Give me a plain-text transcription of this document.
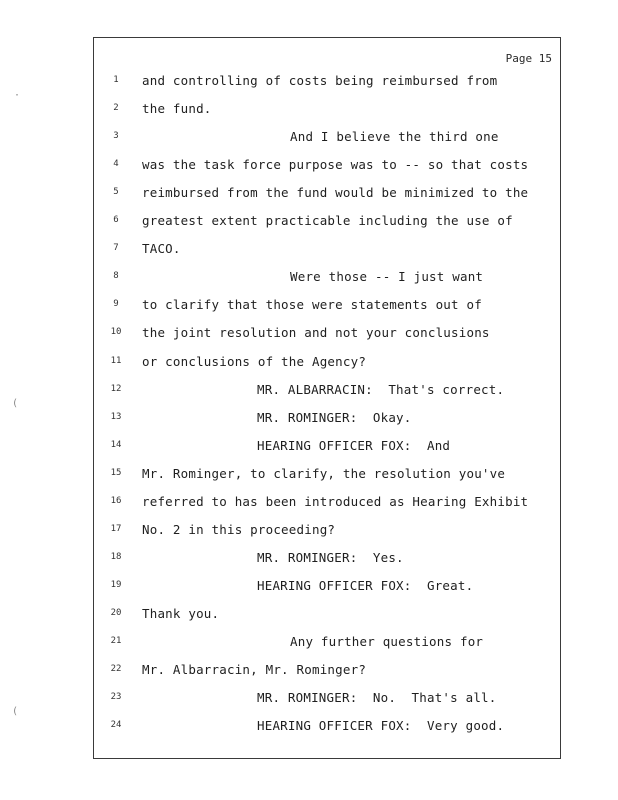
Page 15
1	and controlling of costs being reimbursed from
2	the fund.
3	And I believe the third one
4	was the task force purpose was to -- so that costs
5	reimbursed from the fund would be minimized to the
6	greatest extent practicable including the use of
7	TACO.
8	Were those -- I just want
9	to clarify that those were statements out of
10 the joint resolution and not your conclusions
11 or conclusions of the Agency?
12	MR. ALBARRACIN:  That's correct.
13	MR. ROMINGER:  Okay.
14	HEARING OFFICER FOX:  And
15 Mr. Rominger, to clarify, the resolution you've
16 referred to has been introduced as Hearing Exhibit
17 No. 2 in this proceeding?
18	MR. ROMINGER:  Yes.
19	HEARING OFFICER FOX:  Great.
20 Thank you.
21	Any further questions for
22 Mr. Albarracin, Mr. Rominger?
23	MR. ROMINGER:  No.  That's all.
24	HEARING OFFICER FOX:  Very good.
·
(
(
